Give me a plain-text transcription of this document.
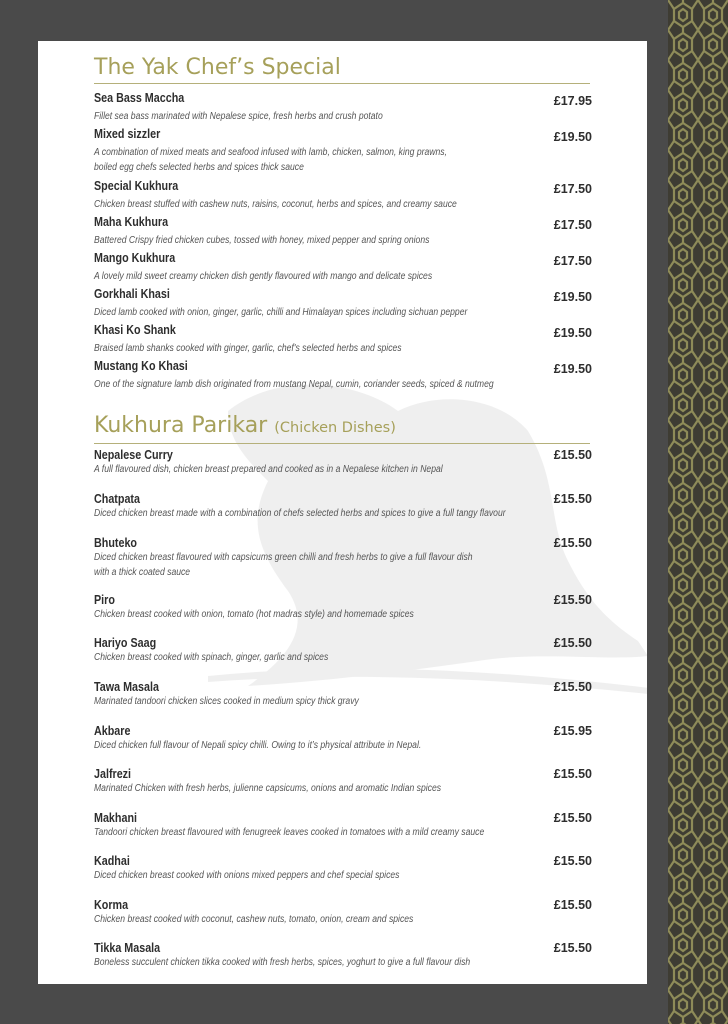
The Yak Chef’s Special
Sea Bass Maccha	£17.95
Fillet sea bass marinated with Nepalese spice, fresh herbs and crush potato
Mixed sizzler	£19.50
A combination of mixed meats and seafood infused with lamb, chicken, salmon, king prawns,
boiled egg chefs selected herbs and spices thick sauce
Special Kukhura	£17.50
Chicken breast stuffed with cashew nuts, raisins, coconut, herbs and spices, and creamy sauce
Maha Kukhura	£17.50
Battered Crispy fried chicken cubes, tossed with honey, mixed pepper and spring onions
Mango Kukhura	£17.50
A lovely mild sweet creamy chicken dish gently flavoured with mango and delicate spices
Gorkhali Khasi	£19.50
Diced lamb cooked with onion, ginger, garlic, chilli and Himalayan spices including sichuan pepper
Khasi Ko Shank	£19.50
Braised lamb shanks cooked with ginger, garlic, chef's selected herbs and spices
Mustang Ko Khasi	£19.50
One of the signature lamb dish originated from mustang Nepal, cumin, coriander seeds, spiced & nutmeg
Kukhura Parikar (Chicken Dishes)
Nepalese Curry	£15.50
A full flavoured dish, chicken breast prepared and cooked as in a Nepalese kitchen in Nepal
Chatpata	£15.50
Diced chicken breast made with a combination of chefs selected herbs and spices to give a full tangy flavour
Bhuteko	£15.50
Diced chicken breast flavoured with capsicums green chilli and fresh herbs to give a full flavour dish
with a thick coated sauce
Piro	£15.50
Chicken breast cooked with onion, tomato (hot madras style) and homemade spices
Hariyo Saag	£15.50
Chicken breast cooked with spinach, ginger, garlic and spices
Tawa Masala	£15.50
Marinated tandoori chicken slices cooked in medium spicy thick gravy
Akbare	£15.95
Diced chicken full flavour of Nepali spicy chilli. Owing to it’s physical attribute in Nepal.
Jalfrezi	£15.50
Marinated Chicken with fresh herbs, julienne capsicums, onions and aromatic Indian spices
Makhani	£15.50
Tandoori chicken breast flavoured with fenugreek leaves cooked in tomatoes with a mild creamy sauce
Kadhai	£15.50
Diced chicken breast cooked with onions mixed peppers and chef special spices
Korma	£15.50
Chicken breast cooked with coconut, cashew nuts, tomato, onion, cream and spices
Tikka Masala	£15.50
Boneless succulent chicken tikka cooked with fresh herbs, spices, yoghurt to give a full flavour dish
